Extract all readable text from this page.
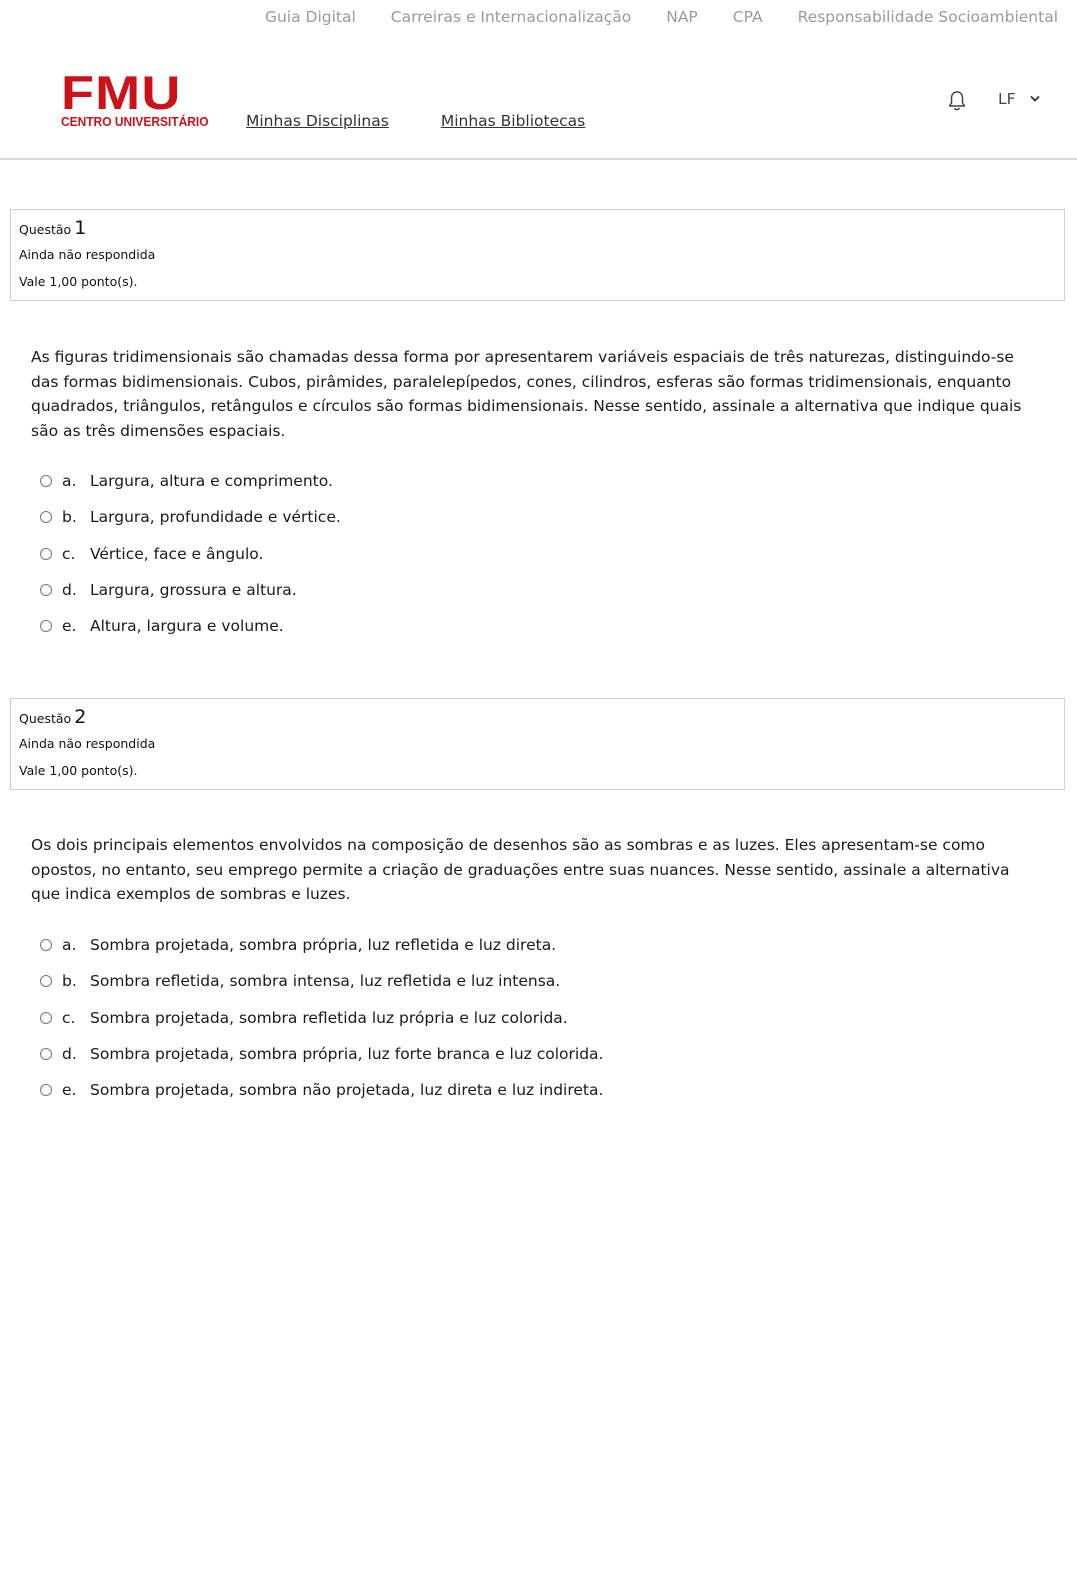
Guia Digital Carreiras e Internacionalização NAP CPA Responsabilidade Socioambiental
FMU
CENTRO UNIVERSITÁRIO Minhas Disciplinas	Minhas Bibliotecas
LF
Questão 1
Ainda não respondida
Vale 1,00 ponto(s).
As figuras tridimensionais são chamadas dessa forma por apresentarem variáveis espaciais de três naturezas, distinguindo-se das formas bidimensionais. Cubos, pirâmides, paralelepípedos, cones, cilindros, esferas são formas tridimensionais, enquanto quadrados, triângulos, retângulos e círculos são formas bidimensionais. Nesse sentido, assinale a alternativa que indique quais são as três dimensões espaciais.
a. Largura, altura e comprimento.
b. Largura, profundidade e vértice.
c. Vértice, face e ângulo.
d. Largura, grossura e altura.
e. Altura, largura e volume.
Questão 2
Ainda não respondida
Vale 1,00 ponto(s).
Os dois principais elementos envolvidos na composição de desenhos são as sombras e as luzes. Eles apresentam-se como opostos, no entanto, seu emprego permite a criação de graduações entre suas nuances. Nesse sentido, assinale a alternativa que indica exemplos de sombras e luzes.
a. Sombra projetada, sombra própria, luz refletida e luz direta.
b. Sombra refletida, sombra intensa, luz refletida e luz intensa.
c. Sombra projetada, sombra refletida luz própria e luz colorida.
d. Sombra projetada, sombra própria, luz forte branca e luz colorida.
e. Sombra projetada, sombra não projetada, luz direta e luz indireta.
